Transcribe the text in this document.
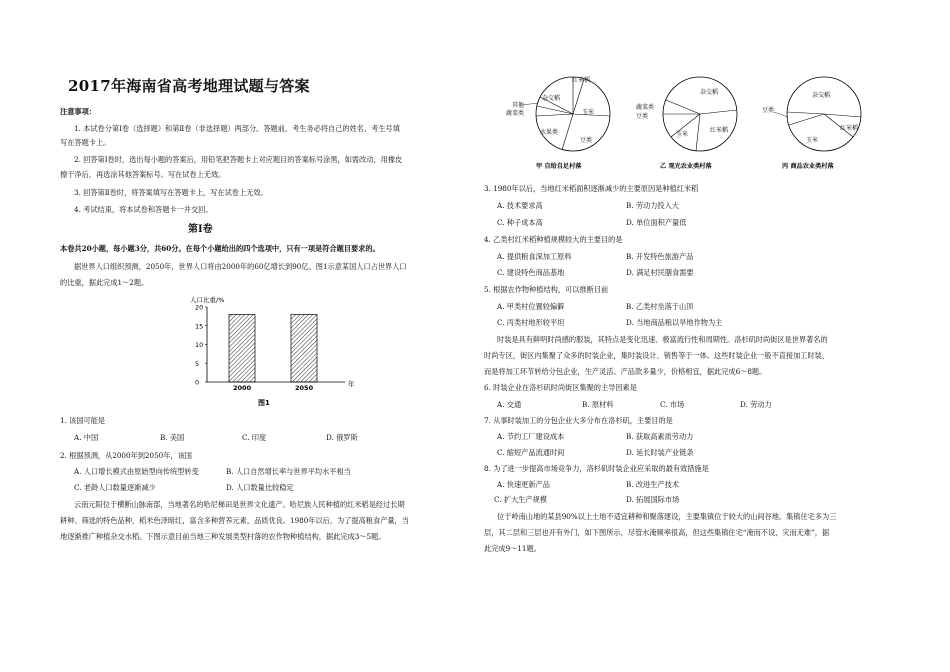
2017年海南省高考地理试题与答案
注意事项：
1. 本试卷分第Ⅰ卷（选择题）和第Ⅱ卷（非选择题）两部分。答题前，考生务必将自己的姓名、考生号填
写在答题卡上。
2. 回答第Ⅰ卷时，选出每小题的答案后，用铅笔把答题卡上对应题目的答案标号涂黑，如需改动，用橡皮
擦干净后，再选涂其他答案标号。写在试卷上无效。
3. 回答第Ⅱ卷时，将答案填写在答题卡上，写在试卷上无效。
4. 考试结束，将本试卷和答题卡一并交回。
第Ⅰ卷
本卷共20小题，每小题3分，共60分。在每个小题给出的四个选项中，只有一项是符合题目要求的。
据世界人口组织预测，2050年，世界人口将由2000年的60亿增长到90亿。图1示意某国人口占世界人口
的比重，据此完成1～2题。
人口比重/%
0
5
10
15
20
2000	2050	年
图1
1. 该国可能是
A. 中国	B. 美国	C. 印度	D. 俄罗斯
2. 根据预测，从2000年到2050年，该国
A. 人口增长模式由原始型向传统型转变	B. 人口自然增长率与世界平均水平相当
C. 老龄人口数量逐渐减少	D. 人口数量比较稳定
云南元阳位于横断山脉南部，当地著名的哈尼梯田是世界文化遗产。哈尼族人民种植的红米稻是经过长期
耕种、筛选的特色品种，稻米色泽暗红，富含多种营养元素，品质优良。1980年以后，为了提高粮食产量，当
地逐渐推广种植杂交水稻。下图示意目前当地三种发展类型村落的农作物种植结构，据此完成3～5题。
红米稻
杂交稻
其他
蔬菜类
水果类
玉米
豆类
甲 自给自足村落
杂交稻
蔬菜类
豆类
红米稻
玉米
乙 观光农业类村落
杂交稻
豆类
红米稻
玉米
丙 商品农业类村落
3. 1980年以后，当地红米稻面积逐渐减少的主要原因是种植红米稻
A. 技术要求高	B. 劳动力投入大
C. 种子成本高	D. 单位面积产量低
4. 乙类村红米稻种植规模较大的主要目的是
A. 提供粮食深加工原料	B. 开发特色旅游产品
C. 建设特色商品基地	D. 满足村民膳食需要
5. 根据农作物种植结构，可以推断目前
A. 甲类村位置较偏僻	B. 乙类村坐落于山顶
C. 丙类村地形较平坦	D. 当地商品粮以旱地作物为主
时装是具有鲜明时尚感的服装，其特点是变化迅速、极富流行性和周期性。洛杉矶时尚街区是世界著名的
时尚专区，街区内集聚了众多的时装企业，集时装设计、销售等于一体。这些时装企业一般不直接加工时装，
而是将加工环节转给分包企业，生产灵活、产品款多量少，价格相宜，据此完成6～8题。
6. 时装企业在洛杉矶时尚街区集聚的主导因素是
A. 交通	B. 原材料	C. 市场	D. 劳动力
7. 从事时装加工的分包企业大多分布在洛杉矶，主要目的是
A. 节约工厂建设成本	B. 获取高素质劳动力
C. 缩短产品流通时间	D. 延长时装产业链条
8. 为了进一步提高市场竞争力，洛杉矶时装企业应采取的最有效措施是
A. 快速更新产品	B. 改进生产技术
C. 扩大生产规模	D. 拓展国际市场
位于岭南山地的某县90%以上土地不适宜耕种和聚落建设，主要集镇位于较大的山间谷地。集镇住宅多为三
层，其二层和三层也开有外门，如下图所示，尽管水淹频率很高，但这些集镇住宅“淹而不设，灾而无难”，据
此完成9～11题。
